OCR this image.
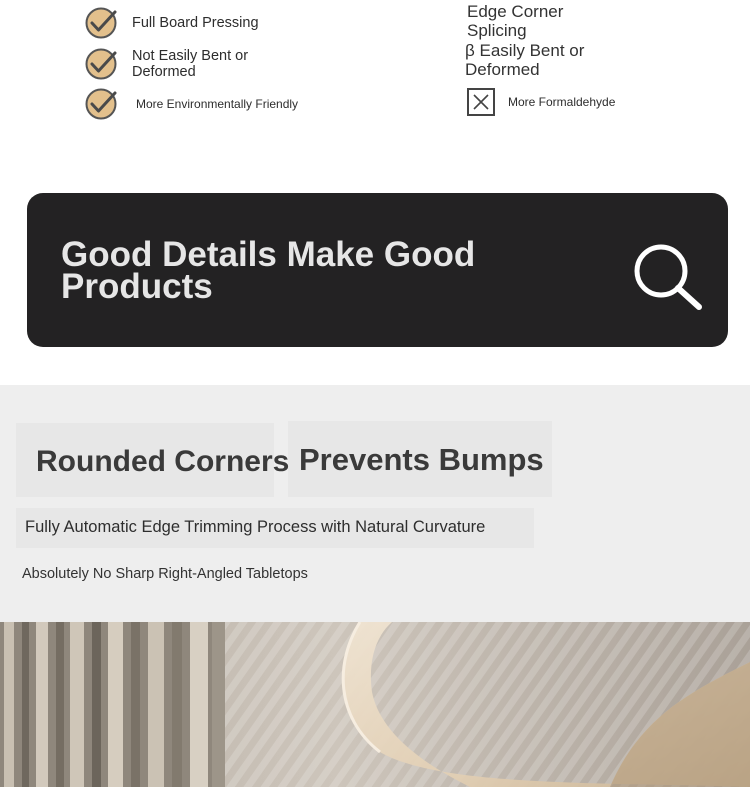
Full Board Pressing
Not Easily Bent or Deformed
More Environmentally Friendly
Edge Corner Splicing
β Easily Bent or Deformed
More Formaldehyde
Good Details Make Good Products
Rounded Corners Prevents Bumps

Fully Automatic Edge Trimming Process with Natural Curvature

Absolutely No Sharp Right-Angled Tabletops
